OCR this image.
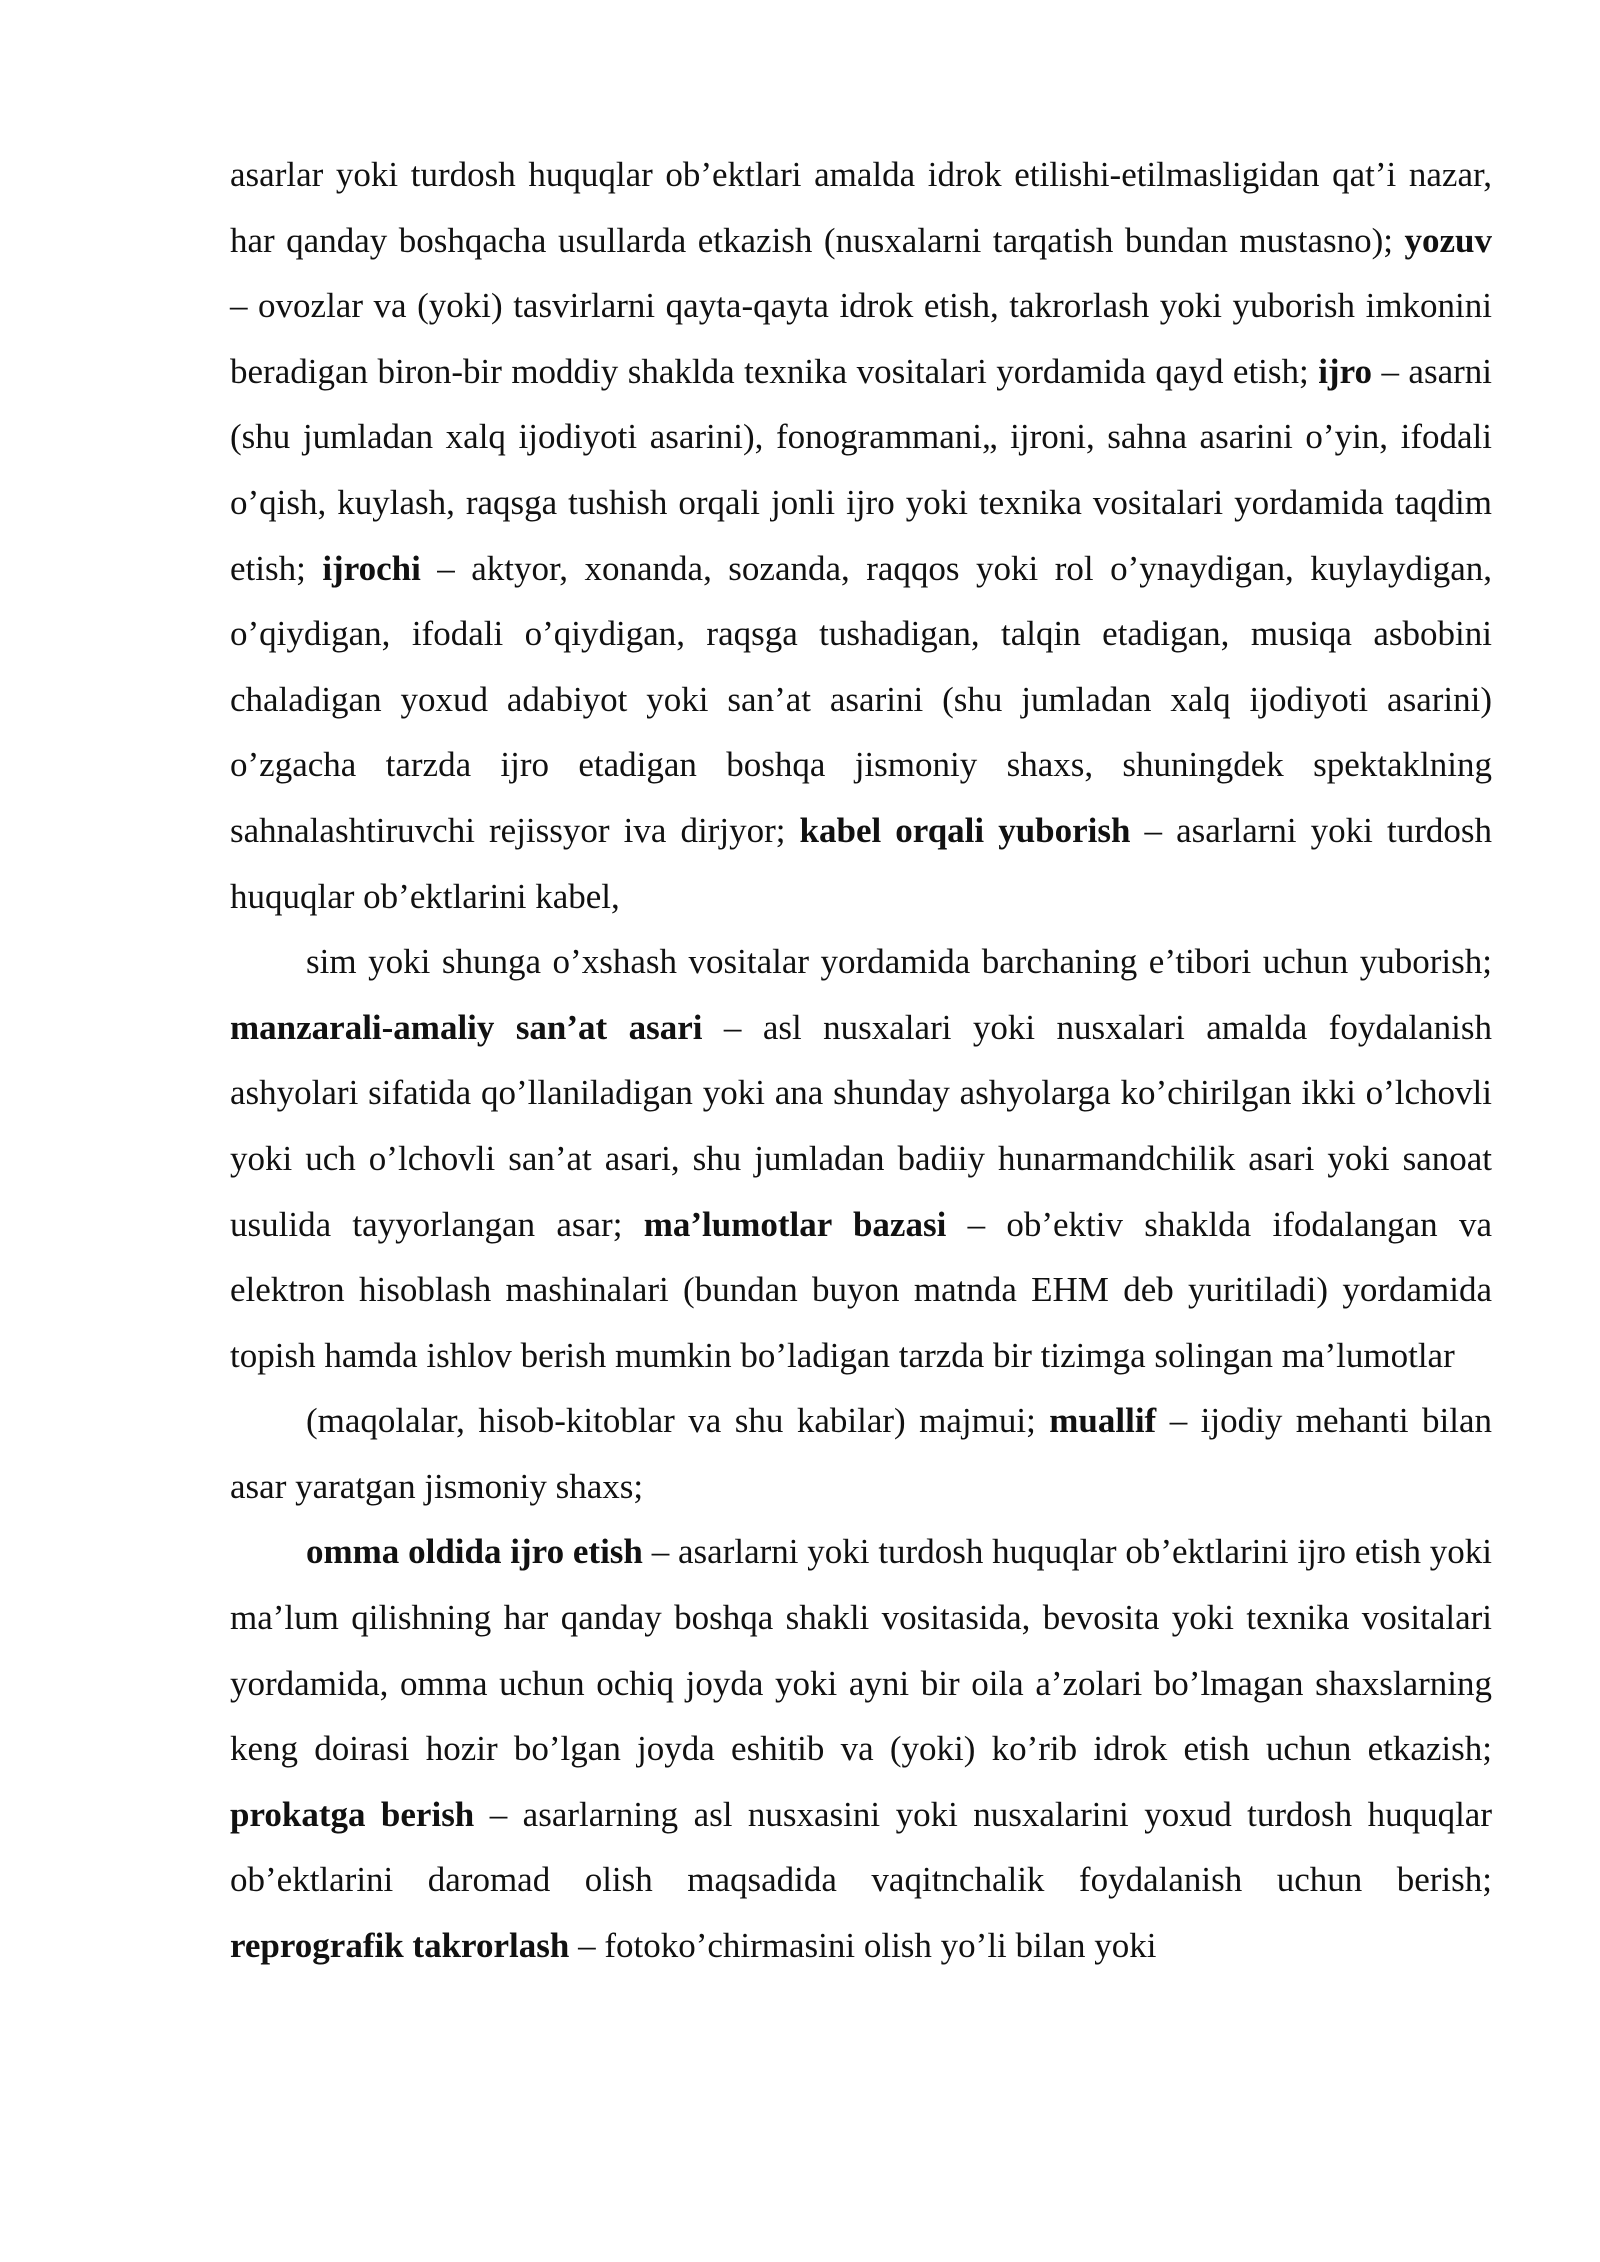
asarlar yoki turdosh huquqlar ob’ektlari amalda idrok etilishi-etilmasligidan qat’i nazar, har qanday boshqacha usullarda etkazish (nusxalarni tarqatish bundan mustasno); yozuv – ovozlar va (yoki) tasvirlarni qayta-qayta idrok etish, takrorlash yoki yuborish imkonini beradigan biron-bir moddiy shaklda texnika vositalari yordamida qayd etish; ijro – asarni (shu jumladan xalq ijodiyoti asarini), fonogrammani„ ijroni, sahna asarini o’yin, ifodali o’qish, kuylash, raqsga tushish orqali jonli ijro yoki texnika vositalari yordamida taqdim etish; ijrochi – aktyor, xonanda, sozanda, raqqos yoki rol o’ynaydigan, kuylaydigan, o’qiydigan, ifodali o’qiydigan, raqsga tushadigan, talqin etadigan, musiqa asbobini chaladigan yoxud adabiyot yoki san’at asarini (shu jumladan xalq ijodiyoti asarini) o’zgacha tarzda ijro etadigan boshqa jismoniy shaxs, shuningdek spektaklning sahnalashtiruvchi rejissyor iva dirjyor; kabel orqali yuborish – asarlarni yoki turdosh huquqlar ob’ektlarini kabel,

sim yoki shunga o’xshash vositalar yordamida barchaning e’tibori uchun yuborish; manzarali-amaliy san’at asari – asl nusxalari yoki nusxalari amalda foydalanish ashyolari sifatida qo’llaniladigan yoki ana shunday ashyolarga ko’chirilgan ikki o’lchovli yoki uch o’lchovli san’at asari, shu jumladan badiiy hunarmandchilik asari yoki sanoat usulida tayyorlangan asar; ma’lumotlar bazasi – ob’ektiv shaklda ifodalangan va elektron hisoblash mashinalari (bundan buyon matnda EHM deb yuritiladi) yordamida topish hamda ishlov berish mumkin bo’ladigan tarzda bir tizimga solingan ma’lumotlar

(maqolalar, hisob-kitoblar va shu kabilar) majmui; muallif – ijodiy mehanti bilan asar yaratgan jismoniy shaxs;

omma oldida ijro etish – asarlarni yoki turdosh huquqlar ob’ektlarini ijro etish yoki ma’lum qilishning har qanday boshqa shakli vositasida, bevosita yoki texnika vositalari yordamida, omma uchun ochiq joyda yoki ayni bir oila a’zolari bo’lmagan shaxslarning keng doirasi hozir bo’lgan joyda eshitib va (yoki) ko’rib idrok etish uchun etkazish; prokatga berish – asarlarning asl nusxasini yoki nusxalarini yoxud turdosh huquqlar ob’ektlarini daromad olish maqsadida vaqitnchalik foydalanish uchun berish; reprografik takrorlash – fotoko’chirmasini olish yo’li bilan yoki
